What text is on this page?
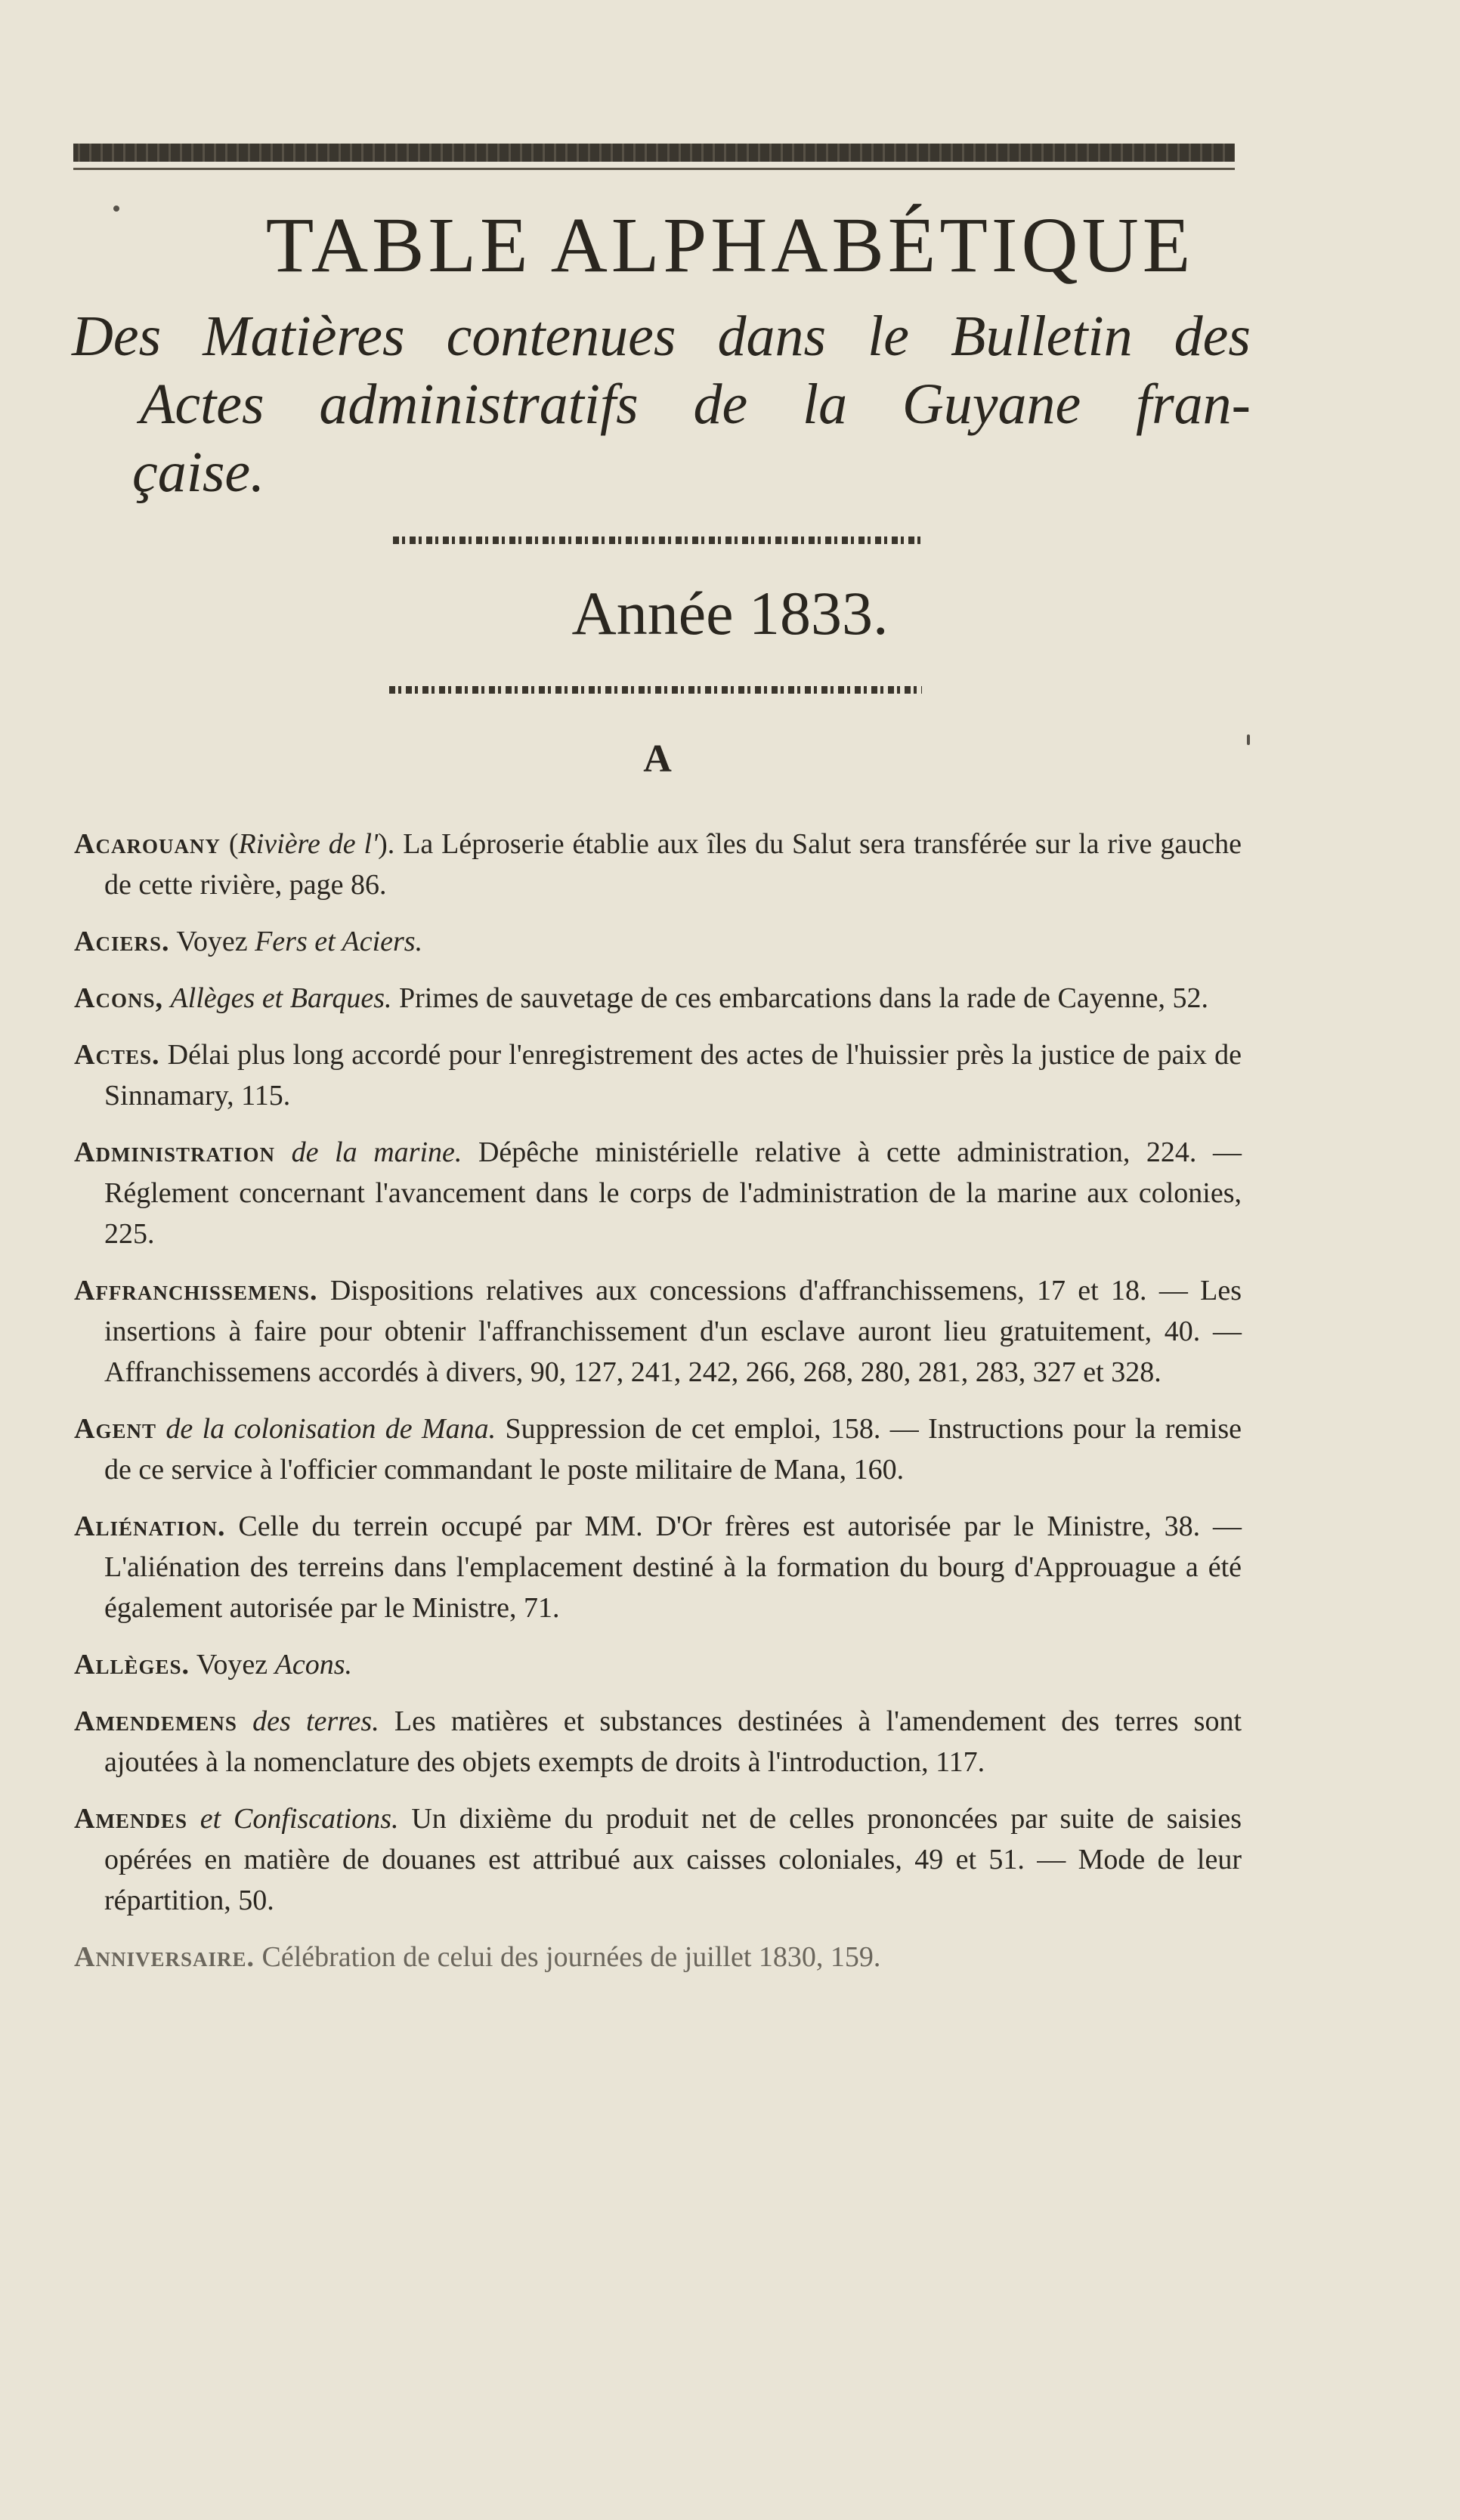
TABLE ALPHABÉTIQUE
Des Matières contenues dans le Bulletin des
Actes administratifs de la Guyane fran-
çaise.
Année 1833.
A

Acarouany (Rivière de l'). La Léproserie établie aux îles du Salut sera transférée sur la rive gauche de cette rivière, page 86.

Aciers. Voyez Fers et Aciers.

Acons, Allèges et Barques. Primes de sauvetage de ces embarcations dans la rade de Cayenne, 52.

Actes. Délai plus long accordé pour l'enregistrement des actes de l'huissier près la justice de paix de Sinnamary, 115.

Administration de la marine. Dépêche ministérielle relative à cette administration, 224. — Réglement concernant l'avancement dans le corps de l'administration de la marine aux colonies, 225.

Affranchissemens. Dispositions relatives aux concessions d'affranchissemens, 17 et 18. — Les insertions à faire pour obtenir l'affranchissement d'un esclave auront lieu gratuitement, 40. — Affranchissemens accordés à divers, 90, 127, 241, 242, 266, 268, 280, 281, 283, 327 et 328.

Agent de la colonisation de Mana. Suppression de cet emploi, 158. — Instructions pour la remise de ce service à l'officier commandant le poste militaire de Mana, 160.

Aliénation. Celle du terrein occupé par MM. D'Or frères est autorisée par le Ministre, 38. — L'aliénation des terreins dans l'emplacement destiné à la formation du bourg d'Approuague a été également autorisée par le Ministre, 71.

Allèges. Voyez Acons.

Amendemens des terres. Les matières et substances destinées à l'amendement des terres sont ajoutées à la nomenclature des objets exempts de droits à l'introduction, 117.

Amendes et Confiscations. Un dixième du produit net de celles prononcées par suite de saisies opérées en matière de douanes est attribué aux caisses coloniales, 49 et 51. — Mode de leur répartition, 50.

Anniversaire. Célébration de celui des journées de juillet 1830, 159.
